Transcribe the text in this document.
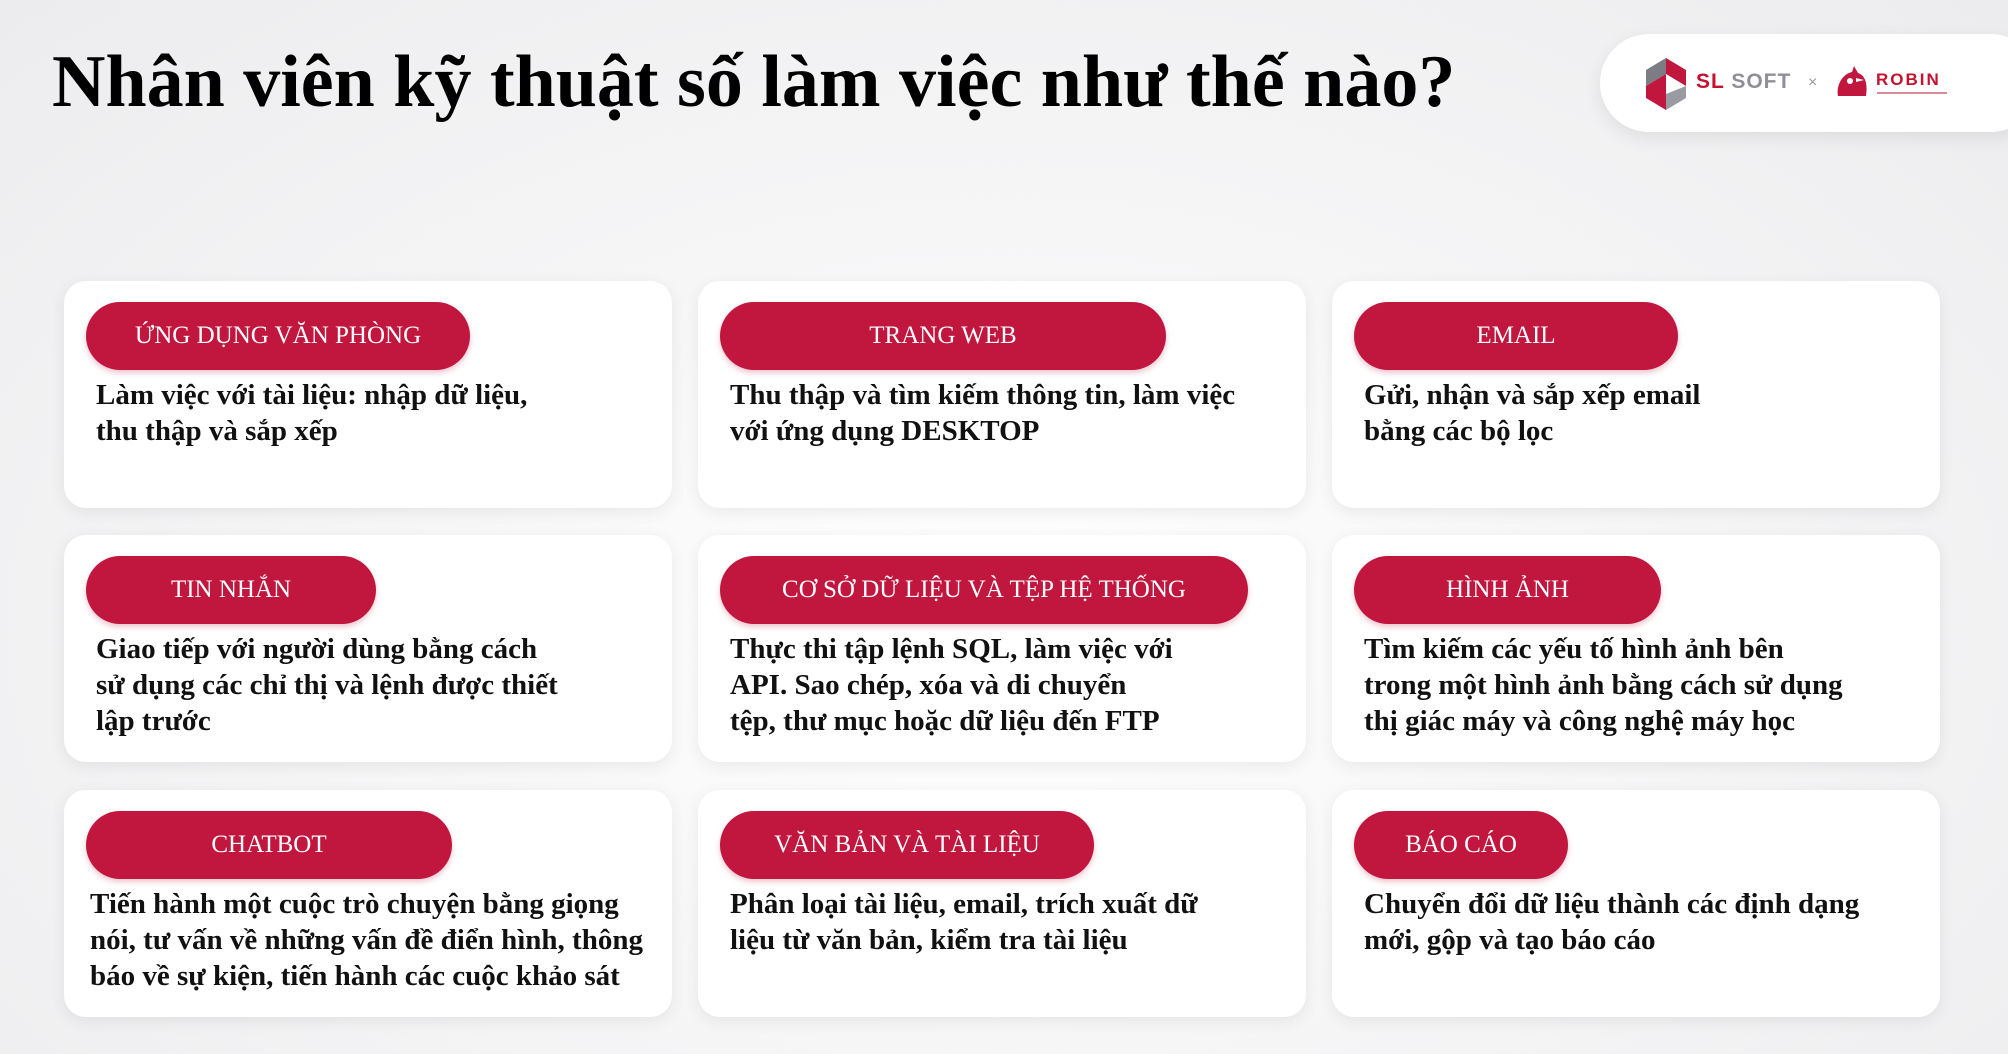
Nhân viên kỹ thuật số làm việc như thế nào?	SL SOFT ×	ROBIN
ỨNG DỤNG VĂN PHÒNG

Làm việc với tài liệu: nhập dữ liệu,
thu thập và sắp xếp

TRANG WEB

Thu thập và tìm kiếm thông tin, làm việc
với ứng dụng DESKTOP

EMAIL

Gửi, nhận và sắp xếp email
bằng các bộ lọc

TIN NHẮN

Giao tiếp với người dùng bằng cách
sử dụng các chỉ thị và lệnh được thiết
lập trước

CƠ SỞ DỮ LIỆU VÀ TỆP HỆ THỐNG

Thực thi tập lệnh SQL, làm việc với
API. Sao chép, xóa và di chuyển
tệp, thư mục hoặc dữ liệu đến FTP

HÌNH ẢNH

Tìm kiếm các yếu tố hình ảnh bên
trong một hình ảnh bằng cách sử dụng
thị giác máy và công nghệ máy học

CHATBOT

Tiến hành một cuộc trò chuyện bằng giọng
nói, tư vấn về những vấn đề điển hình, thông
báo về sự kiện, tiến hành các cuộc khảo sát

VĂN BẢN VÀ TÀI LIỆU

Phân loại tài liệu, email, trích xuất dữ
liệu từ văn bản, kiểm tra tài liệu

BÁO CÁO

Chuyển đổi dữ liệu thành các định dạng
mới, gộp và tạo báo cáo
